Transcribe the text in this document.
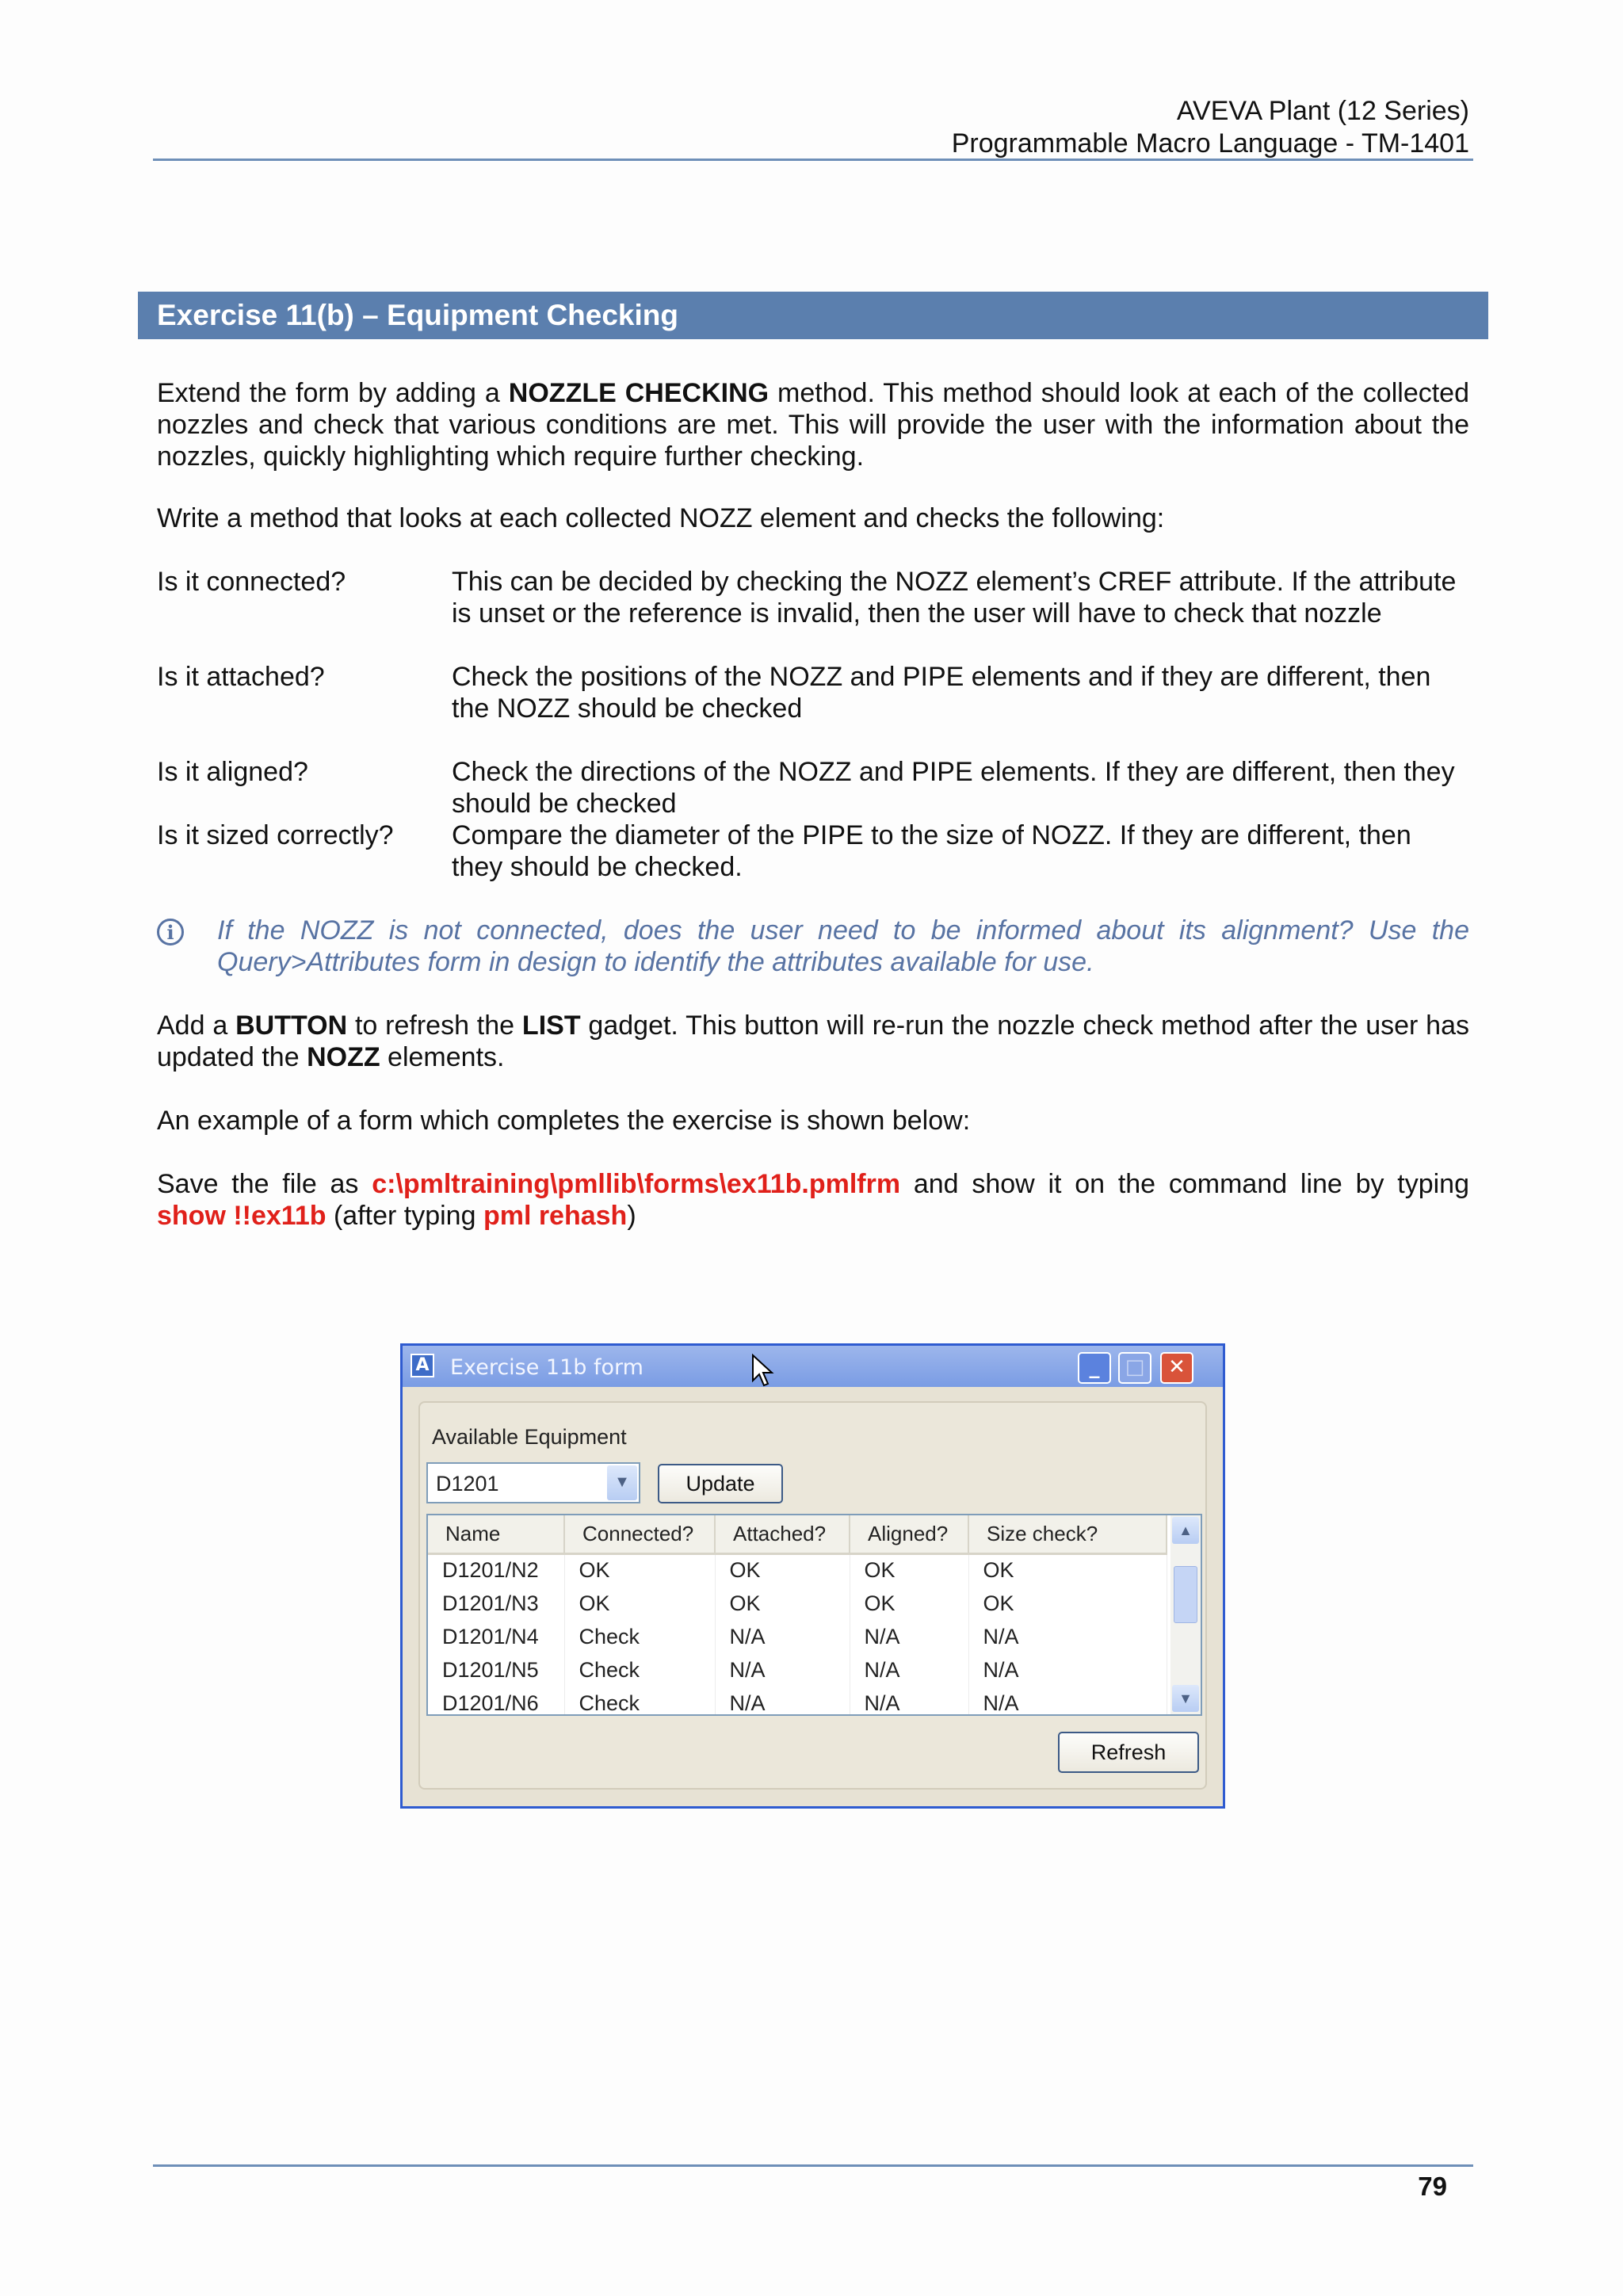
AVEVA Plant (12 Series)
Programmable Macro Language - TM-1401
Exercise 11(b) – Equipment Checking

Extend the form by adding a NOZZLE CHECKING method. This method should look at each of the collected nozzles and check that various conditions are met. This will provide the user with the information about the nozzles, quickly highlighting which require further checking.

Write a method that looks at each collected NOZZ element and checks the following:

Is it connected?	This can be decided by checking the NOZZ element’s CREF attribute. If the attribute is unset or the reference is invalid, then the user will have to check that nozzle
Is it attached?	Check the positions of the NOZZ and PIPE elements and if they are different, then the NOZZ should be checked
Is it aligned?	Check the directions of the NOZZ and PIPE elements. If they are different, then they should be checked
Is it sized correctly?	Compare the diameter of the PIPE to the size of NOZZ. If they are different, then they should be checked.
i	If the NOZZ is not connected, does the user need to be informed about its alignment? Use the Query>Attributes form in design to identify the attributes available for use.

Add a BUTTON to refresh the LIST gadget. This button will re-run the nozzle check method after the user has updated the NOZZ elements.

An example of a form which completes the exercise is shown below:

Save the file as c:\pmltraining\pmllib\forms\ex11b.pmlfrm and show it on the command line by typing show !!ex11b (after typing pml rehash)

A Exercise 11b form	_	□	✕
Available Equipment
D1201	▼	Update
Name	Connected?	Attached?	Aligned?	Size check?
D1201/N2	OK	OK	OK	OK
D1201/N3	OK	OK	OK	OK
D1201/N4	Check	N/A	N/A	N/A
D1201/N5	Check	N/A	N/A	N/A
D1201/N6	Check	N/A	N/A	N/A
▲
▼
Refresh
79
